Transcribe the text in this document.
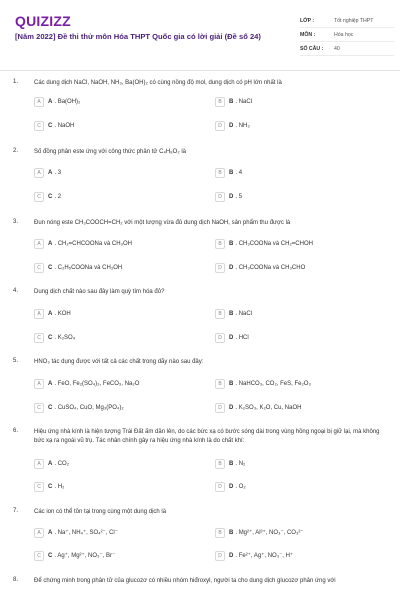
QUIZIZZ
[Năm 2022] Đề thi thử môn Hóa THPT Quốc gia có lời giải (Đề số 24)
LỚP :	Tốt nghiệp THPT
MÔN :	Hóa học
SỐ CÂU :	40
1.	Các dung dịch NaCl, NaOH, NH₃, Ba(OH)₂ có cùng nồng độ mol, dung dịch có pH lớn nhất là
A	A . Ba(OH)₂	B	B . NaCl
C	C . NaOH	D	D . NH₃
2.	Số đồng phân este ứng với công thức phân tử C₄H₈O₂ là
A	A . 3	B	B . 4
C	C . 2	D	D . 5
3.	Đun nóng este CH₃COOCH=CH₂ với một lượng vừa đủ dung dịch NaOH, sản phẩm thu được là
A	A . CH₂=CHCOONa và CH₃OH	B	B . CH₃COONa và CH₂=CHOH
C	C . C₂H₅COONa và CH₃OH	D	D . CH₃COONa và CH₃CHO
4.	Dung dịch chất nào sau đây làm quỳ tím hóa đỏ?
A	A . KOH	B	B . NaCl
C	C . K₂SO₄	D	D . HCl
5.	HNO₃ tác dụng được với tất cả các chất trong dãy nào sau đây:
A	A . FeO, Fe₂(SO₄)₃, FeCO₃, Na₂O	B	B . NaHCO₃, CO₂, FeS, Fe₂O₃
C	C . CuSO₄, CuO, Mg₃(PO₄)₂	D	D . K₂SO₃, K₂O, Cu, NaOH
6.	Hiệu ứng nhà kính là hiện tượng Trái Đất ấm dần lên, do các bức xạ có bước sóng dài trong vùng hồng ngoại bị giữ lại, mà không bức xạ ra ngoài vũ trụ. Tác nhân chính gây ra hiệu ứng nhà kính là do chất khí:
A	A . CO₂	B	B . N₂
C	C . H₂	D	D . O₂
7.	Các ion có thể tồn tại trong cùng một dung dịch là
A	A . Na⁺, NH₄⁺, SO₄²⁻, Cl⁻	B	B . Mg²⁺, Al³⁺, NO₃⁻, CO₃²⁻
C	C . Ag⁺, Mg²⁺, NO₃⁻, Br⁻	D	D . Fe²⁺, Ag⁺, NO₃⁻, H⁺
8.	Để chứng minh trong phân tử của glucozơ có nhiều nhóm hiđroxyl, người ta cho dung dịch glucozơ phản ứng với
